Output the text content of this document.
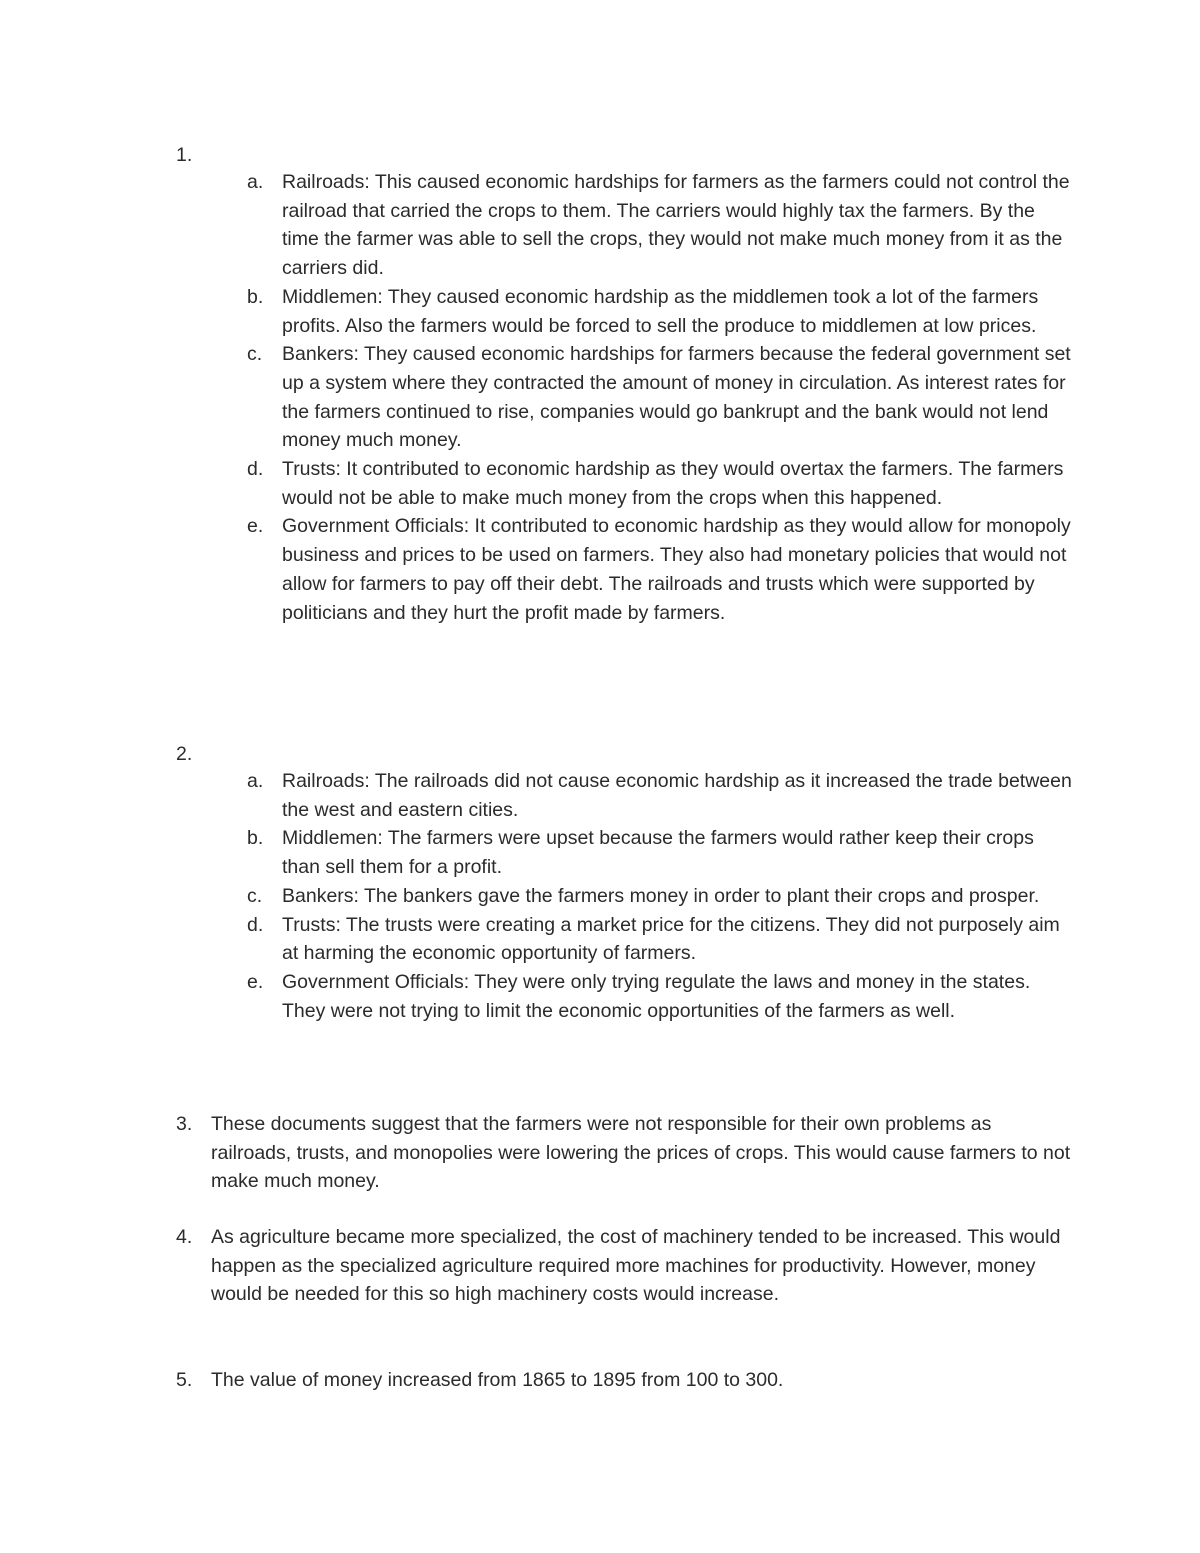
1.
a. Railroads: This caused economic hardships for farmers as the farmers could not control the railroad that carried the crops to them. The carriers would highly tax the farmers. By the time the farmer was able to sell the crops, they would not make much money from it as the carriers did.
b. Middlemen: They caused economic hardship as the middlemen took a lot of the farmers profits. Also the farmers would be forced to sell the produce to middlemen at low prices.
c. Bankers: They caused economic hardships for farmers because the federal government set up a system where they contracted the amount of money in circulation. As interest rates for the farmers continued to rise, companies would go bankrupt and the bank would not lend money much money.
d. Trusts: It contributed to economic hardship as they would overtax the farmers. The farmers would not be able to make much money from the crops when this happened.
e. Government Officials: It contributed to economic hardship as they would allow for monopoly business and prices to be used on farmers. They also had monetary policies that would not allow for farmers to pay off their debt. The railroads and trusts which were supported by politicians and they hurt the profit made by farmers.
2.
a. Railroads: The railroads did not cause economic hardship as it increased the trade between the west and eastern cities.
b. Middlemen: The farmers were upset because the farmers would rather keep their crops than sell them for a profit.
c. Bankers: The bankers gave the farmers money in order to plant their crops and prosper.
d. Trusts: The trusts were creating a market price for the citizens. They did not purposely aim at harming the economic opportunity of farmers.
e. Government Officials: They were only trying regulate the laws and money in the states. They were not trying to limit the economic opportunities of the farmers as well.
3. These documents suggest that the farmers were not responsible for their own problems as railroads, trusts, and monopolies were lowering the prices of crops. This would cause farmers to not make much money.
4. As agriculture became more specialized, the cost of machinery tended to be increased. This would happen as the specialized agriculture required more machines for productivity. However, money would be needed for this so high machinery costs would increase.
5. The value of money increased from 1865 to 1895 from 100 to 300.
